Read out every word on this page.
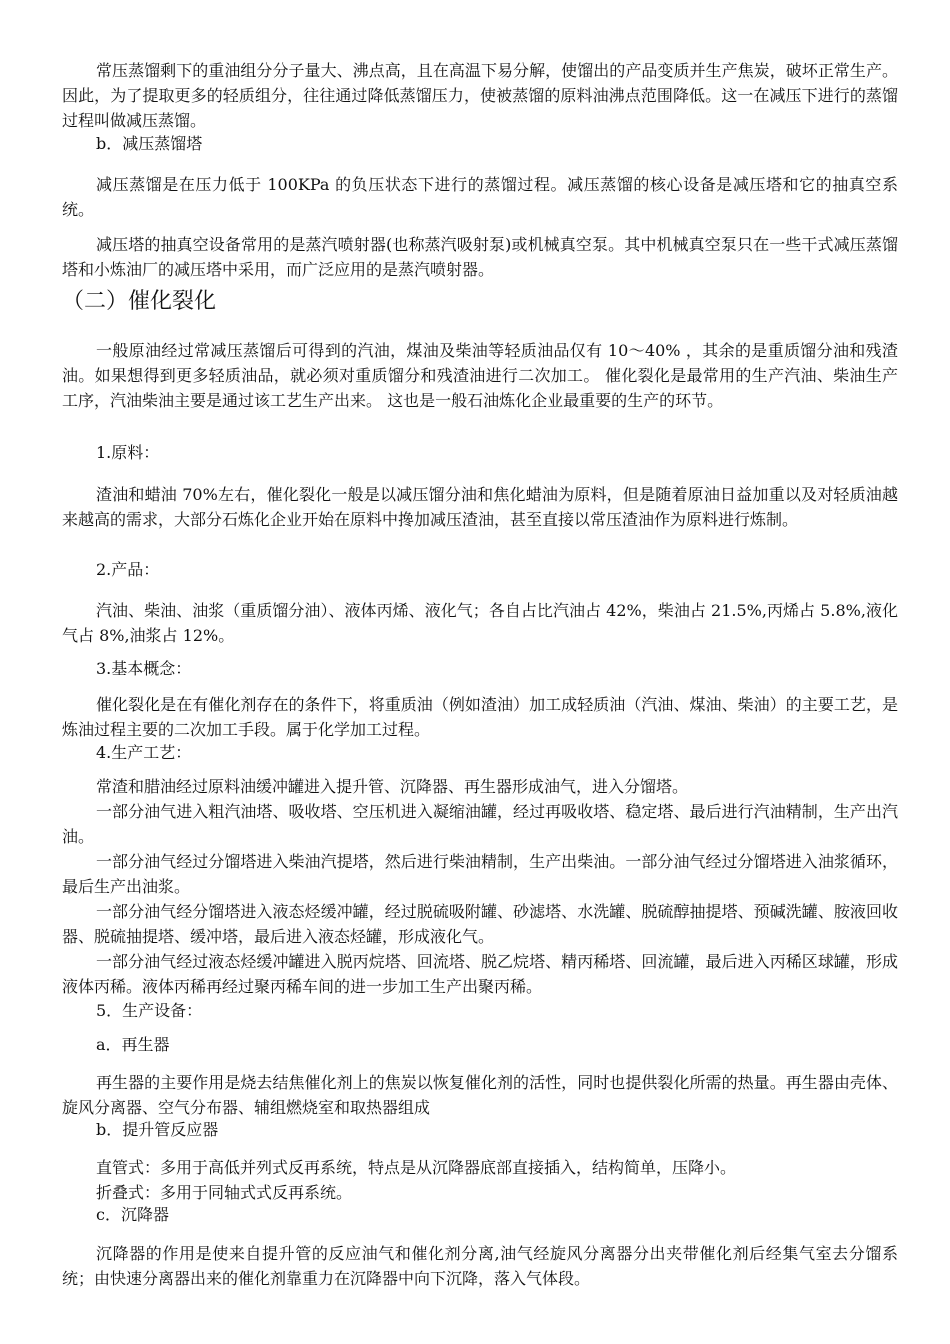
常压蒸馏剩下的重油组分分子量大、沸点高，且在高温下易分解，使馏出的产品变质并生产焦炭，破坏正常生产。因此，为了提取更多的轻质组分，往往通过降低蒸馏压力，使被蒸馏的原料油沸点范围降低。这一在减压下进行的蒸馏过程叫做减压蒸馏。

b．减压蒸馏塔

减压蒸馏是在压力低于 100KPa 的负压状态下进行的蒸馏过程。减压蒸馏的核心设备是减压塔和它的抽真空系统。

减压塔的抽真空设备常用的是蒸汽喷射器(也称蒸汽吸射泵)或机械真空泵。其中机械真空泵只在一些干式减压蒸馏塔和小炼油厂的减压塔中采用，而广泛应用的是蒸汽喷射器。

（二）催化裂化

一般原油经过常减压蒸馏后可得到的汽油，煤油及柴油等轻质油品仅有 10～40% ，其余的是重质馏分油和残渣油。如果想得到更多轻质油品，就必须对重质馏分和残渣油进行二次加工。 催化裂化是最常用的生产汽油、柴油生产工序，汽油柴油主要是通过该工艺生产出来。 这也是一般石油炼化企业最重要的生产的环节。

1.原料：

渣油和蜡油 70%左右，催化裂化一般是以减压馏分油和焦化蜡油为原料，但是随着原油日益加重以及对轻质油越来越高的需求，大部分石炼化企业开始在原料中搀加减压渣油，甚至直接以常压渣油作为原料进行炼制。

2.产品：

汽油、柴油、油浆（重质馏分油）、液体丙烯、液化气；各自占比汽油占 42%，柴油占 21.5%,丙烯占 5.8%,液化气占 8%,油浆占 12%。

3.基本概念：

催化裂化是在有催化剂存在的条件下，将重质油（例如渣油）加工成轻质油（汽油、煤油、柴油）的主要工艺，是炼油过程主要的二次加工手段。属于化学加工过程。

4.生产工艺：

常渣和腊油经过原料油缓冲罐进入提升管、沉降器、再生器形成油气，进入分馏塔。

一部分油气进入粗汽油塔、吸收塔、空压机进入凝缩油罐，经过再吸收塔、稳定塔、最后进行汽油精制，生产出汽油。

一部分油气经过分馏塔进入柴油汽提塔，然后进行柴油精制，生产出柴油。一部分油气经过分馏塔进入油浆循环，最后生产出油浆。

一部分油气经分馏塔进入液态烃缓冲罐，经过脱硫吸附罐、砂滤塔、水洗罐、脱硫醇抽提塔、预碱洗罐、胺液回收器、脱硫抽提塔、缓冲塔，最后进入液态烃罐，形成液化气。

一部分油气经过液态烃缓冲罐进入脱丙烷塔、回流塔、脱乙烷塔、精丙稀塔、回流罐，最后进入丙稀区球罐，形成液体丙稀。液体丙稀再经过聚丙稀车间的进一步加工生产出聚丙稀。

5．生产设备：

a．再生器

再生器的主要作用是烧去结焦催化剂上的焦炭以恢复催化剂的活性，同时也提供裂化所需的热量。再生器由壳体、旋风分离器、空气分布器、辅组燃烧室和取热器组成

b．提升管反应器

直管式：多用于高低并列式反再系统，特点是从沉降器底部直接插入，结构简单，压降小。

折叠式：多用于同轴式式反再系统。

c．沉降器

沉降器的作用是使来自提升管的反应油气和催化剂分离,油气经旋风分离器分出夹带催化剂后经集气室去分馏系统；由快速分离器出来的催化剂靠重力在沉降器中向下沉降，落入气体段。
